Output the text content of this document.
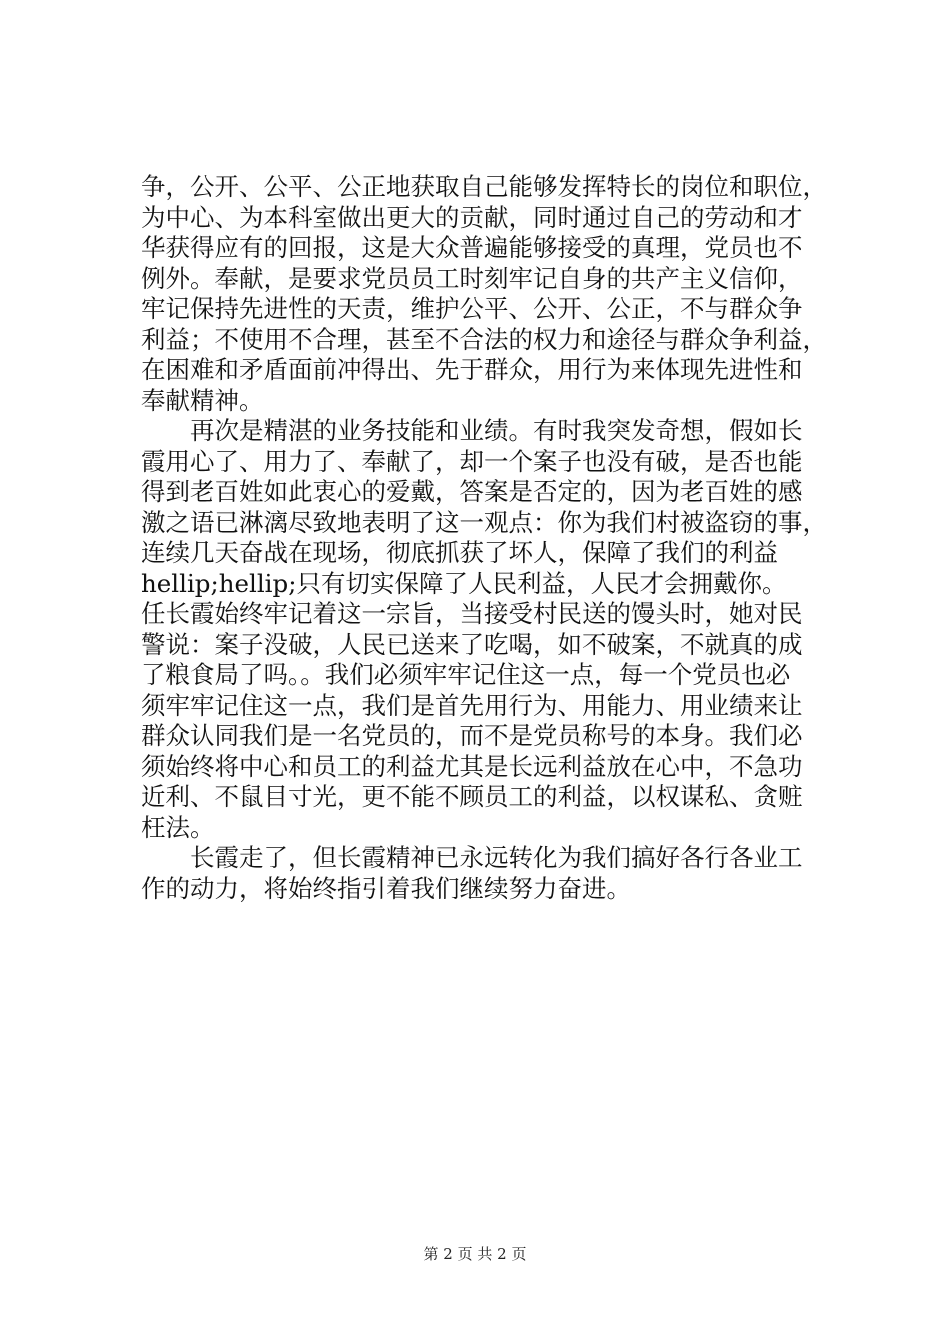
争，公开、公平、公正地获取自己能够发挥特长的岗位和职位，
为中心、为本科室做出更大的贡献，同时通过自己的劳动和才
华获得应有的回报，这是大众普遍能够接受的真理，党员也不
例外。奉献，是要求党员员工时刻牢记自身的共产主义信仰，
牢记保持先进性的天责，维护公平、公开、公正，不与群众争
利益；不使用不合理，甚至不合法的权力和途径与群众争利益，
在困难和矛盾面前冲得出、先于群众，用行为来体现先进性和
奉献精神。
　　再次是精湛的业务技能和业绩。有时我突发奇想，假如长
霞用心了、用力了、奉献了，却一个案子也没有破，是否也能
得到老百姓如此衷心的爱戴，答案是否定的，因为老百姓的感
激之语已淋漓尽致地表明了这一观点：你为我们村被盗窃的事，
连续几天奋战在现场，彻底抓获了坏人，保障了我们的利益
hellip;hellip;只有切实保障了人民利益，人民才会拥戴你。
任长霞始终牢记着这一宗旨，当接受村民送的馒头时，她对民
警说：案子没破，人民已送来了吃喝，如不破案，不就真的成
了粮食局了吗。。我们必须牢牢记住这一点，每一个党员也必
须牢牢记住这一点，我们是首先用行为、用能力、用业绩来让
群众认同我们是一名党员的，而不是党员称号的本身。我们必
须始终将中心和员工的利益尤其是长远利益放在心中，不急功
近利、不鼠目寸光，更不能不顾员工的利益，以权谋私、贪赃
枉法。
　　长霞走了，但长霞精神已永远转化为我们搞好各行各业工
作的动力，将始终指引着我们继续努力奋进。
第 2 页 共 2 页
